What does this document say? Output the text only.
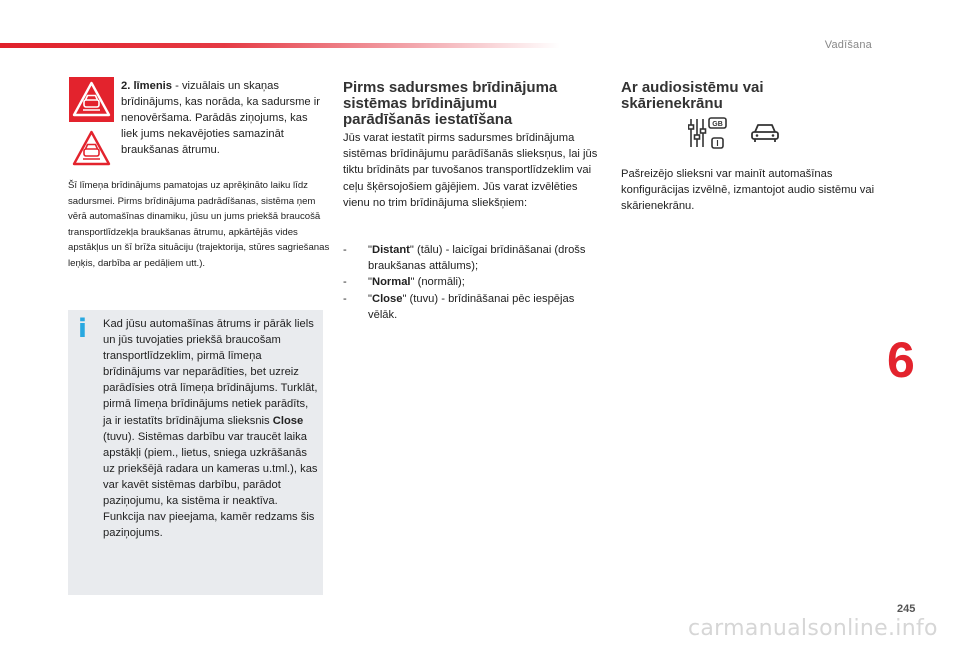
Vadīšana
2. līmenis - vizuālais un skaņas brīdinājums, kas norāda, ka sadursme ir nenovēršama. Parādās ziņojums, kas liek jums nekavējoties samazināt braukšanas ātrumu.
Šī līmeņa brīdinājums pamatojas uz aprēķināto laiku līdz sadursmei. Pirms brīdinājuma padrādīšanas, sistēma ņem vērā automašīnas dinamiku, jūsu un jums priekšā braucošā transportlīdzekļa braukšanas ātrumu, apkārtējās vides apstākļus un šī brīža situāciju (trajektorija, stūres sagriešanas leņķis, darbība ar pedāļiem utt.).
i Kad jūsu automašīnas ātrums ir pārāk liels un jūs tuvojaties priekšā braucošam transportlīdzeklim, pirmā līmeņa brīdinājums var neparādīties, bet uzreiz parādīsies otrā līmeņa brīdinājums. Turklāt, pirmā līmeņa brīdinājums netiek parādīts, ja ir iestatīts brīdinājuma slieksnis Close (tuvu). Sistēmas darbību var traucēt laika apstākļi (piem., lietus, sniega uzkrāšanās uz priekšējā radara un kameras u.tml.), kas var kavēt sistēmas darbību, parādot paziņojumu, ka sistēma ir neaktīva. Funkcija nav pieejama, kamēr redzams šis paziņojums.
Pirms sadursmes brīdinājuma sistēmas brīdinājumu parādīšanās iestatīšana
Jūs varat iestatīt pirms sadursmes brīdinājuma sistēmas brīdinājumu parādīšanās slieksņus, lai jūs tiktu brīdināts par tuvošanos transportlīdzeklim vai ceļu šķērsojošiem gājējiem. Jūs varat izvēlēties vienu no trim brīdinājuma sliekšņiem:
-	"Distant" (tālu) - laicīgai brīdināšanai (drošs braukšanas attālums);
-	"Normal" (normāli);
-	"Close" (tuvu) - brīdināšanai pēc iespējas vēlāk.
Ar audiosistēmu vai skārienekrānu
GB
I
Pašreizējo slieksni var mainīt automašīnas konfigurācijas izvēlnē, izmantojot audio sistēmu vai skārienekrānu.
6
245
carmanualsonline.info
